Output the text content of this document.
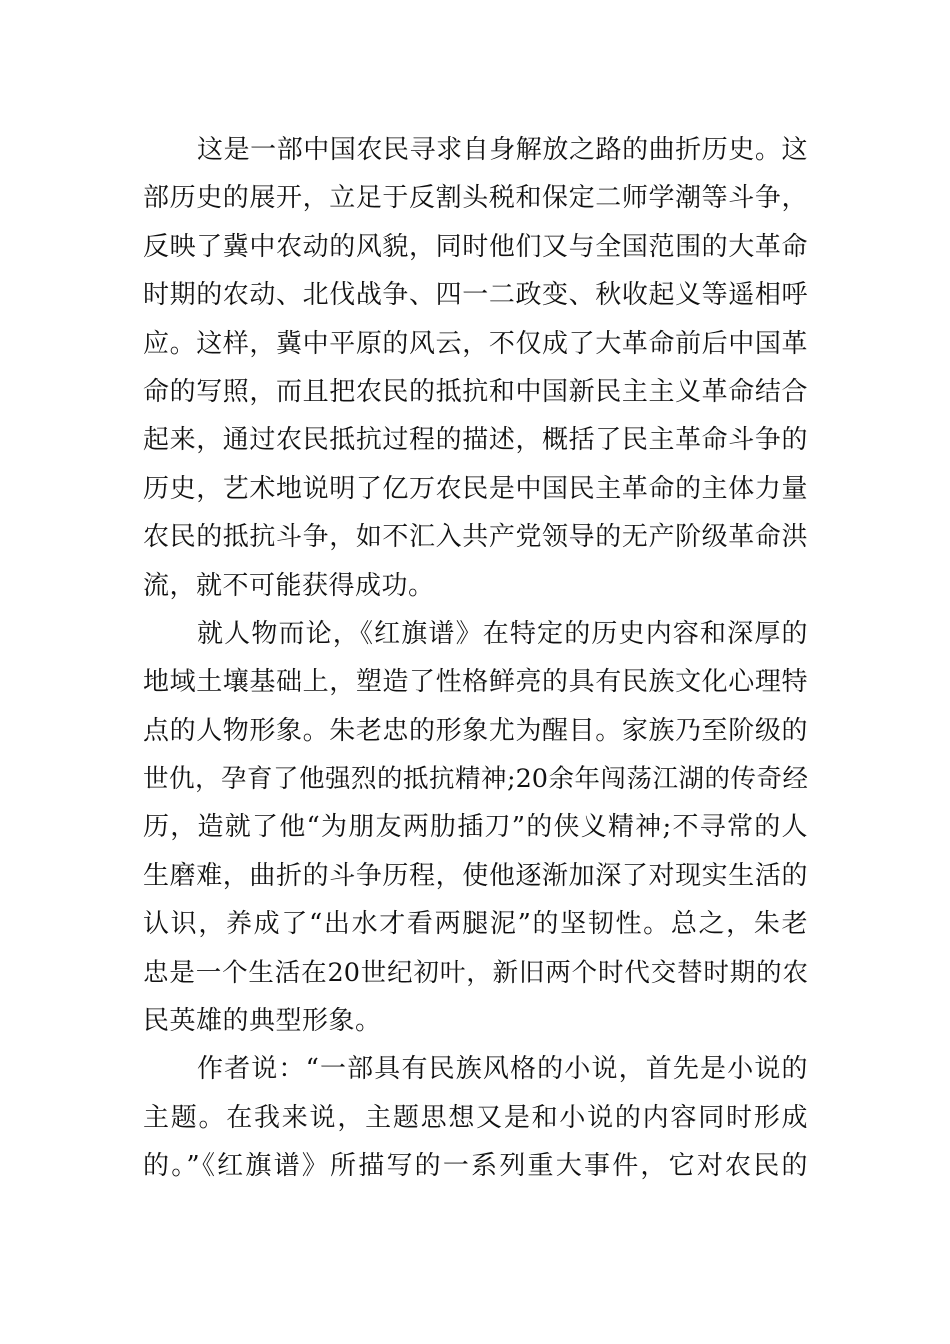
这是一部中国农民寻求自身解放之路的曲折历史。这
部历史的展开，立足于反割头税和保定二师学潮等斗争，
反映了冀中农动的风貌，同时他们又与全国范围的大革命
时期的农动、北伐战争、四一二政变、秋收起义等遥相呼
应。这样，冀中平原的风云，不仅成了大革命前后中国革
命的写照，而且把农民的抵抗和中国新民主主义革命结合
起来，通过农民抵抗过程的描述，概括了民主革命斗争的
历史，艺术地说明了亿万农民是中国民主革命的主体力量
农民的抵抗斗争，如不汇入共产党领导的无产阶级革命洪
流，就不可能获得成功。
就人物而论，《红旗谱》在特定的历史内容和深厚的
地域土壤基础上，塑造了性格鲜亮的具有民族文化心理特
点的人物形象。朱老忠的形象尤为醒目。家族乃至阶级的
世仇，孕育了他强烈的抵抗精神;20余年闯荡江湖的传奇经
历，造就了他“为朋友两肋插刀”的侠义精神;不寻常的人
生磨难，曲折的斗争历程，使他逐渐加深了对现实生活的
认识，养成了“出水才看两腿泥”的坚韧性。总之，朱老
忠是一个生活在20世纪初叶，新旧两个时代交替时期的农
民英雄的典型形象。
作者说：“一部具有民族风格的小说，首先是小说的
主题。在我来说，主题思想又是和小说的内容同时形成
的。”《红旗谱》所描写的一系列重大事件，它对农民的
